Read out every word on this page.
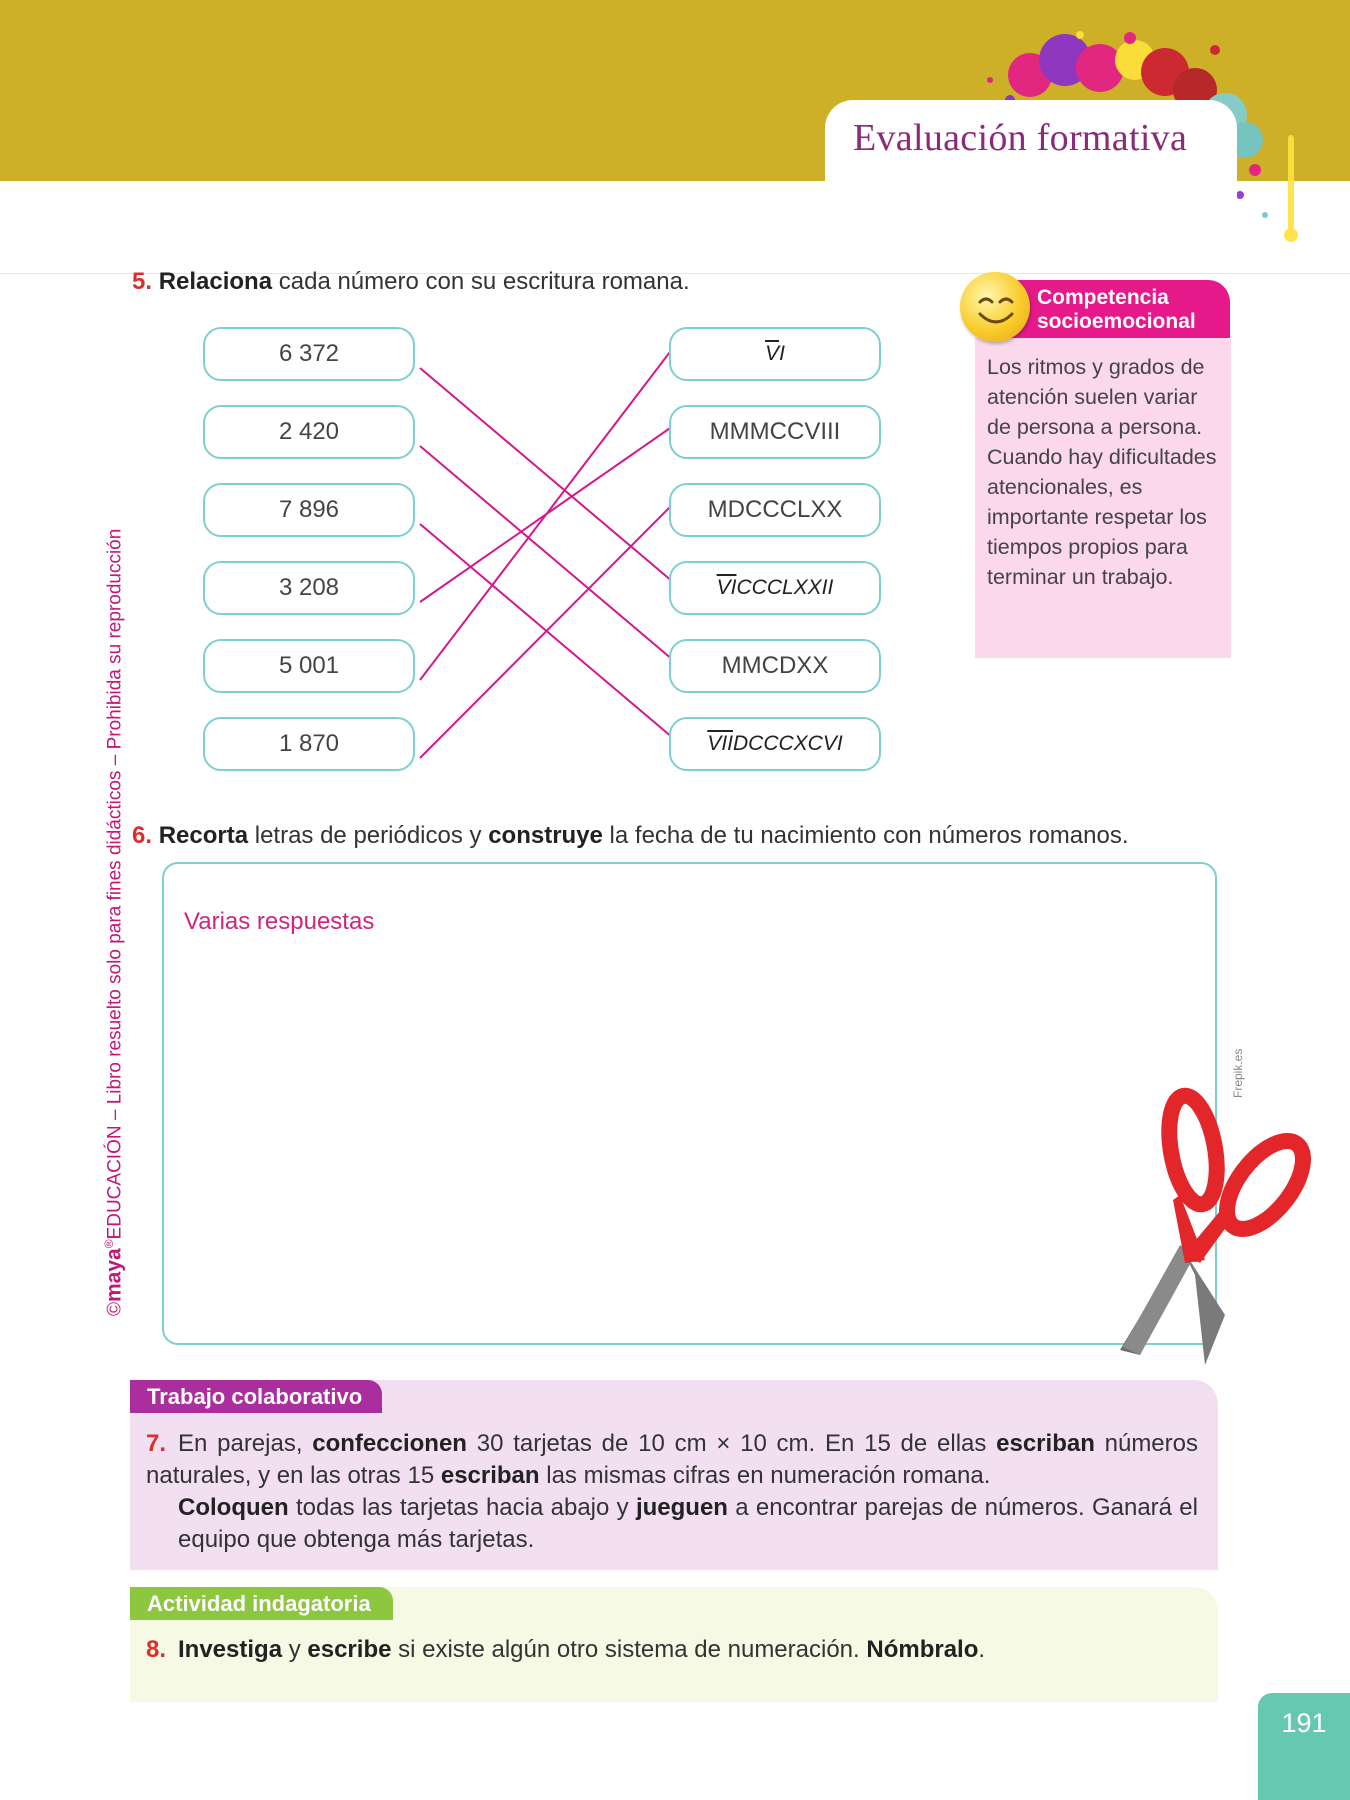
Evaluación formativa
©maya®EDUCACIÓN – Libro resuelto solo para fines didácticos – Prohibida su reproducción
5. Relaciona cada número con su escritura romana.
6 372
2 420
7 896
3 208
5 001
1 870
$\overline{V}$ I
MMMCCVIII
MDCCCLXX
$\overline{VI}$ CCCLXXII
MMCDXX
$\overline{VII}$ DCCCXCVI
Competencia
socioemocional
Los ritmos y grados de atención suelen variar de persona a persona. Cuando hay dificultades atencionales, es importante respetar los tiempos propios para terminar un trabajo.
6. Recorta letras de periódicos y construye la fecha de tu nacimiento con números romanos.
Varias respuestas
Frepik.es
Trabajo colaborativo
7. En parejas, confeccionen 30 tarjetas de 10 cm × 10 cm. En 15 de ellas escriban números naturales, y en las otras 15 escriban las mismas cifras en numeración romana.
Coloquen todas las tarjetas hacia abajo y jueguen a encontrar parejas de números. Ganará el equipo que obtenga más tarjetas.
Actividad indagatoria
8. Investiga y escribe si existe algún otro sistema de numeración. Nómbralo.
191
